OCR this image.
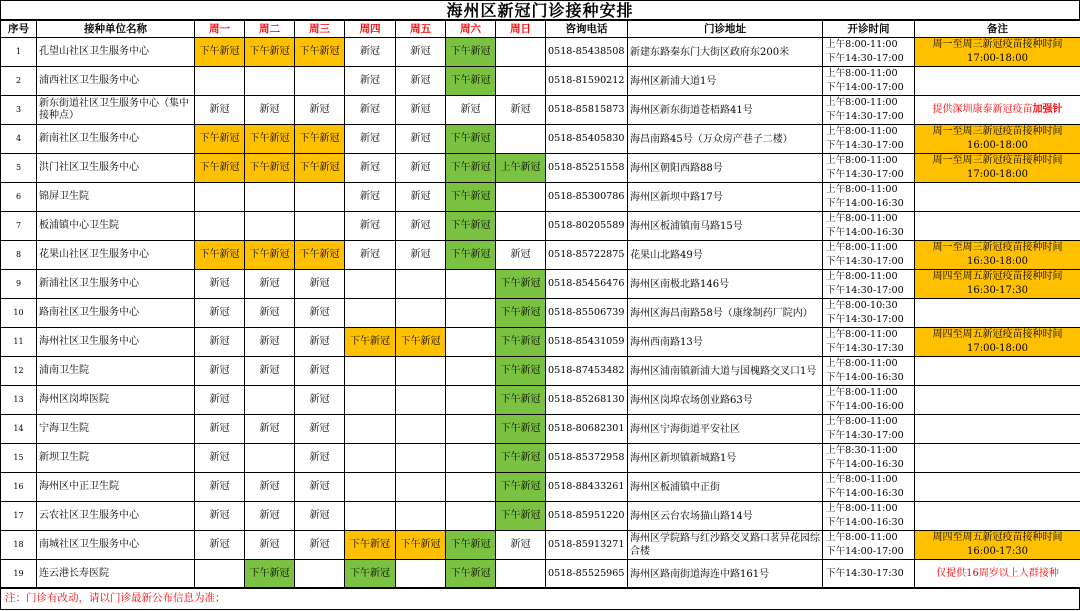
海州区新冠门诊接种安排
序号	接种单位名称	周一	周二	周三	周四	周五	周六	周日	咨询电话	门诊地址	开诊时间	备注
1	孔望山社区卫生服务中心	下午新冠	下午新冠	下午新冠	新冠	新冠	下午新冠		0518-85438508	新建东路秦东门大街区政府东200米	上午8:00-11:00
下午14:30-17:00	周一至周三新冠疫苗接种时间17:00-18:00
2	浦西社区卫生服务中心				新冠	新冠	下午新冠		0518-81590212	海州区新浦大道1号	上午8:00-11:00
下午14:00-17:00	

3	新东街道社区卫生服务中心（集中接种点）	新冠	新冠	新冠	新冠	新冠	新冠	新冠	0518-85815873	海州区新东街道苍梧路41号	上午8:00-11:00
下午14:30-17:00	提供深圳康泰新冠疫苗加强针
4	新南社区卫生服务中心	下午新冠	下午新冠	下午新冠	新冠	新冠	下午新冠		0518-85405830	海昌南路45号（万众房产巷子二楼）	上午8:00-11:00
下午14:30-17:00	周一至周三新冠疫苗接种时间16:00-18:00
5	洪门社区卫生服务中心	下午新冠	下午新冠	下午新冠	新冠	新冠	下午新冠	上午新冠	0518-85251558	海州区朝阳西路88号	上午8:00-11:00
下午14:30-17:00	周一至周三新冠疫苗接种时间17:00-18:00
6	锦屏卫生院				新冠	新冠	下午新冠		0518-85300786	海州区新坝中路17号	上午8:00-11:00
下午14:00-16:30	

7	板浦镇中心卫生院				新冠	新冠	下午新冠		0518-80205589	海州区板浦镇南马路15号	上午8:00-11:00
下午14:00-16:30	

8	花果山社区卫生服务中心	下午新冠	下午新冠	下午新冠	新冠	新冠	下午新冠	新冠	0518-85722875	花果山北路49号	上午8:00-11:00
下午14:30-17:00	周一至周三新冠疫苗接种时间16:30-18:00
9	新浦社区卫生服务中心	新冠	新冠	新冠				下午新冠	0518-85456476	海州区南极北路146号	上午8:00-11:00
下午14:30-17:00	周四至周五新冠疫苗接种时间16:30-17:30
10	路南社区卫生服务中心	新冠	新冠	新冠				下午新冠	0518-85506739	海州区海昌南路58号（康缘制药厂院内）	上午8:00-10:30
下午14:30-17:00	

11	海州社区卫生服务中心	新冠	新冠	新冠	下午新冠	下午新冠		下午新冠	0518-85431059	海州西南路13号	上午8:00-11:00
下午14:30-17:30	周四至周五新冠疫苗接种时间17:00-18:00
12	浦南卫生院	新冠	新冠	新冠				下午新冠	0518-87453482	海州区浦南镇新浦大道与国槐路交叉口1号	上午8:00-11:00
下午14:00-16:30	

13	海州区岗埠医院	新冠		新冠				下午新冠	0518-85268130	海州区岗埠农场创业路63号	上午8:00-11:00
下午14:00-16:00	

14	宁海卫生院	新冠	新冠	新冠				下午新冠	0518-80682301	海州区宁海街道平安社区	上午8:00-11:00
下午14:30-17:00	

15	新坝卫生院	新冠		新冠				下午新冠	0518-85372958	海州区新坝镇新城路1号	上午8:30-11:00
下午14:00-16:30	

16	海州区中正卫生院	新冠	新冠	新冠				下午新冠	0518-88433261	海州区板浦镇中正街	上午8:00-11:00
下午14:00-16:30	

17	云农社区卫生服务中心	新冠	新冠	新冠				下午新冠	0518-85951220	海州区云台农场猫山路14号	上午8:00-11:00
下午14:00-16:30	

18	南城社区卫生服务中心	新冠	新冠	新冠	下午新冠	下午新冠	下午新冠	新冠	0518-85913271	海州区学院路与红沙路交叉路口茗异花园综合楼	上午8:00-11:00
下午14:00-17:00	周四至周五新冠疫苗接种时间16:00-17:30
19	连云港长寿医院		下午新冠		下午新冠		下午新冠		0518-85525965	海州区路南街道海连中路161号	下午14:30-17:30	仅提供16周岁以上人群接种
注：门诊有改动，请以门诊最新公布信息为准；
